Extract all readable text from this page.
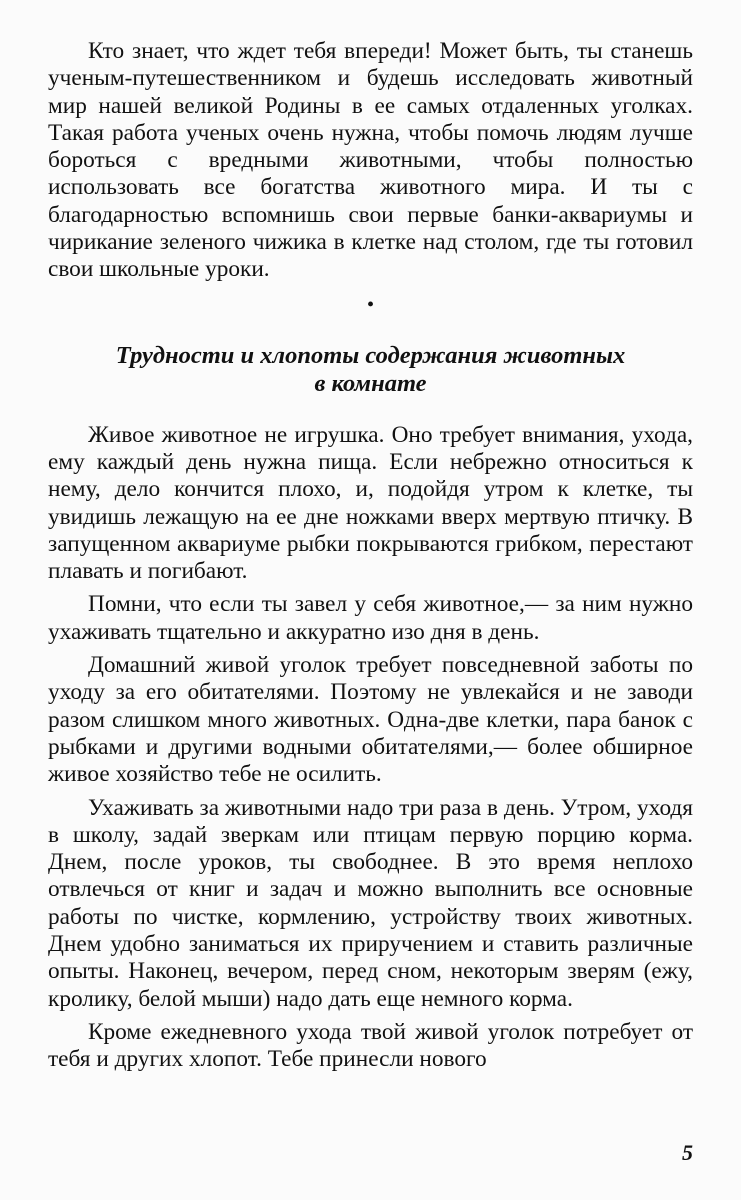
Кто знает, что ждет тебя впереди! Может быть, ты станешь ученым-путешественником и будешь исследовать животный мир нашей великой Родины в ее самых отдаленных уголках. Такая работа ученых очень нужна, чтобы помочь людям лучше бороться с вредными животными, чтобы полностью использовать все богатства животного мира. И ты с благодарностью вспомнишь свои первые банки-аквариумы и чирикание зеленого чижика в клетке над столом, где ты готовил свои школьные уроки.

•
Трудности и хлопоты содержания животных
в комнате

Живое животное не игрушка. Оно требует внимания, ухода, ему каждый день нужна пища. Если небрежно относиться к нему, дело кончится плохо, и, подойдя утром к клетке, ты увидишь лежащую на ее дне ножками вверх мертвую птичку. В запущенном аквариуме рыбки покрываются грибком, перестают плавать и погибают.

Помни, что если ты завел у себя животное,— за ним нужно ухаживать тщательно и аккуратно изо дня в день.

Домашний живой уголок требует повседневной заботы по уходу за его обитателями. Поэтому не увлекайся и не заводи разом слишком много животных. Одна-две клетки, пара банок с рыбками и другими водными обитателями,— более обширное живое хозяйство тебе не осилить.

Ухаживать за животными надо три раза в день. Утром, уходя в школу, задай зверкам или птицам первую порцию корма. Днем, после уроков, ты свободнее. В это время неплохо отвлечься от книг и задач и можно выполнить все основные работы по чистке, кормлению, устройству твоих животных. Днем удобно заниматься их приручением и ставить различные опыты. Наконец, вечером, перед сном, некоторым зверям (ежу, кролику, белой мыши) надо дать еще немного корма.

Кроме ежедневного ухода твой живой уголок потребует от тебя и других хлопот. Тебе принесли нового

5
